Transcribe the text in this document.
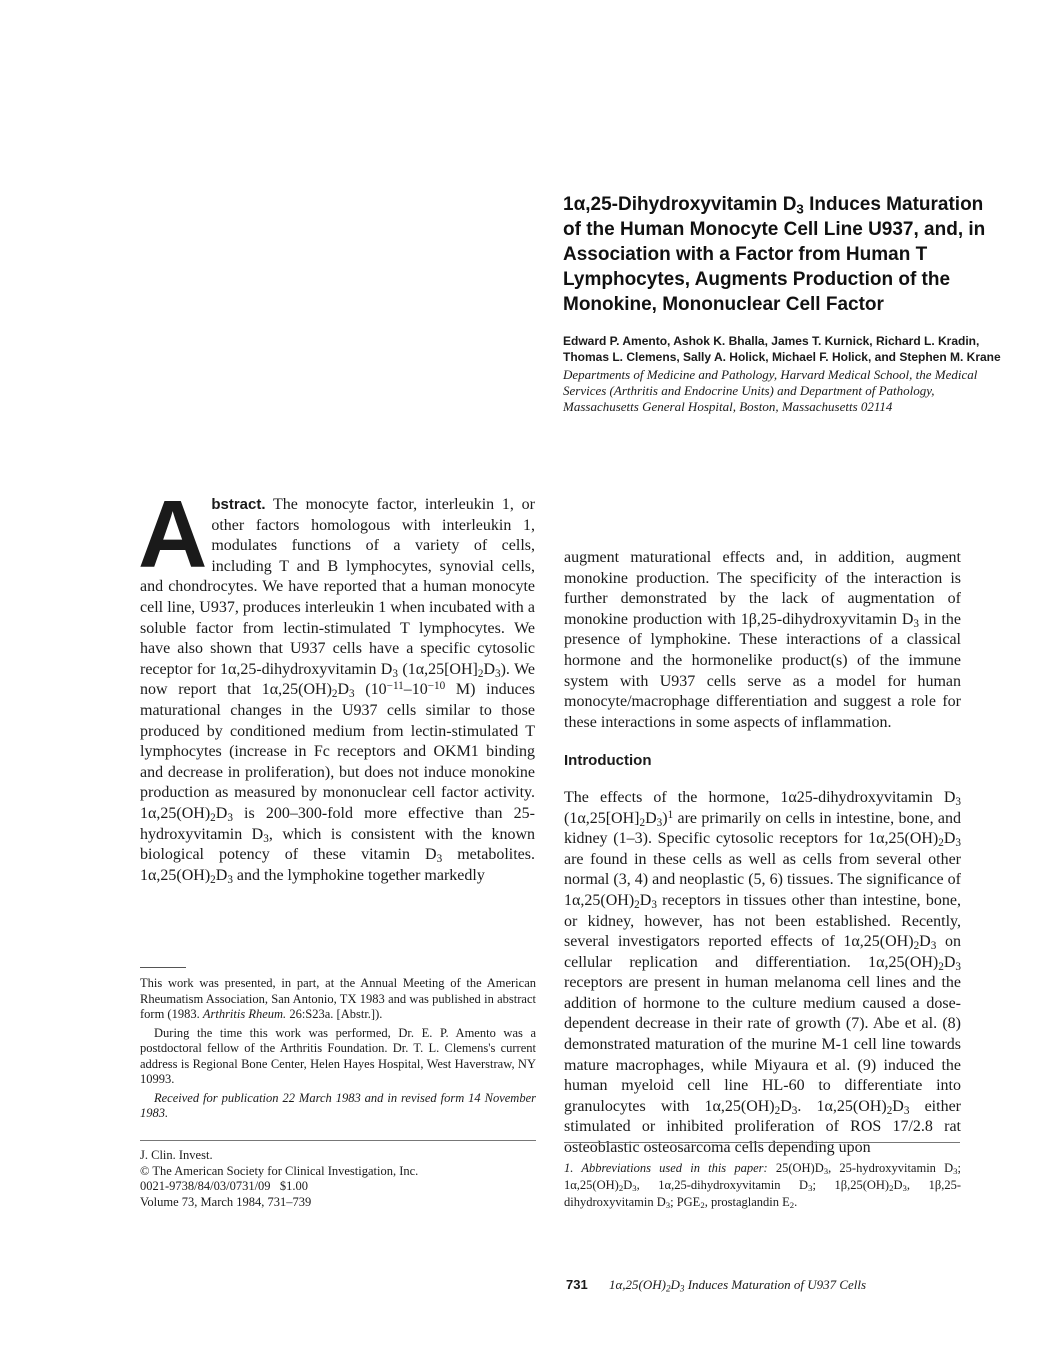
1α,25-Dihydroxyvitamin $D_3$ Induces Maturation of the Human Monocyte Cell Line U937, and, in Association with a Factor from Human T Lymphocytes, Augments Production of the Monokine, Mononuclear Cell Factor
Edward P. Amento, Ashok K. Bhalla, James T. Kurnick, Richard L. Kradin, Thomas L. Clemens, Sally A. Holick, Michael F. Holick, and Stephen M. Krane
Departments of Medicine and Pathology, Harvard Medical School, the Medical Services (Arthritis and Endocrine Units) and Department of Pathology, Massachusetts General Hospital, Boston, Massachusetts 02114
A bstract. The monocyte factor, interleukin 1, or other factors homologous with interleukin 1, modulates functions of a variety of cells, including T and B lymphocytes, synovial cells, and chondrocytes. We have reported that a human monocyte cell line, U937, produces interleukin 1 when incubated with a soluble factor from lectin-stimulated T lymphocytes. We have also shown that U937 cells have a specific cytosolic receptor for 1α,25-dihydroxyvitamin $D_3$ $(1\alpha,25[OH]_2D_3)$. We now report that $1\alpha,25(OH)_2D_3$ ($10^{-11}-10^{-10}$ M) induces maturational changes in the U937 cells similar to those produced by conditioned medium from lectin-stimulated T lymphocytes (increase in Fc receptors and OKM1 binding and decrease in proliferation), but does not induce monokine production as measured by mononuclear cell factor activity. $1\alpha,25(OH)_2D_3$ is 200–300-fold more effective than 25-hydroxyvitamin $D_3$, which is consistent with the known biological potency of these vitamin $D_3$ metabolites. $1\alpha,25(OH)_2D_3$ and the lymphokine together markedly

augment maturational effects and, in addition, augment monokine production. The specificity of the interaction is further demonstrated by the lack of augmentation of monokine production with 1β,25-dihydroxyvitamin $D_3$ in the presence of lymphokine. These interactions of a classical hormone and the hormonelike product(s) of the immune system with U937 cells serve as a model for human monocyte/macrophage differentiation and suggest a role for these interactions in some aspects of inflammation.

Introduction

The effects of the hormone, 1α25-dihydroxyvitamin $D_3$ $(1\alpha,25[OH]_2D_3)^1$ are primarily on cells in intestine, bone, and kidney (1–3). Specific cytosolic receptors for $1\alpha,25(OH)_2D_3$ are found in these cells as well as cells from several other normal (3, 4) and neoplastic (5, 6) tissues. The significance of $1\alpha,25(OH)_2D_3$ receptors in tissues other than intestine, bone, or kidney, however, has not been established. Recently, several investigators reported effects of $1\alpha,25(OH)_2D_3$ on cellular replication and differentiation. $1\alpha,25(OH)_2D_3$ receptors are present in human melanoma cell lines and the addition of hormone to the culture medium caused a dose-dependent decrease in their rate of growth (7). Abe et al. (8) demonstrated maturation of the murine M-1 cell line towards mature macrophages, while Miyaura et al. (9) induced the human myeloid cell line HL-60 to differentiate into granulocytes with $1\alpha,25(OH)_2D_3$. $1\alpha,25(OH)_2D_3$ either stimulated or inhibited proliferation of ROS 17/2.8 rat osteoblastic osteosarcoma cells depending upon

This work was presented, in part, at the Annual Meeting of the American Rheumatism Association, San Antonio, TX 1983 and was published in abstract form (1983. Arthritis Rheum. 26:S23a. [Abstr.]).

During the time this work was performed, Dr. E. P. Amento was a postdoctoral fellow of the Arthritis Foundation. Dr. T. L. Clemens's current address is Regional Bone Center, Helen Hayes Hospital, West Haverstraw, NY 10993.

Received for publication 22 March 1983 and in revised form 14 November 1983.

J. Clin. Invest.
© The American Society for Clinical Investigation, Inc.
0021-9738/84/03/0731/09   $1.00
Volume 73, March 1984, 731–739
1. Abbreviations used in this paper: $25(OH)D_3$, 25-hydroxyvitamin $D_3$; $1\alpha,25(OH)_2D_3$, 1α,25-dihydroxyvitamin $D_3$; $1\beta,25(OH)_2D_3$, 1β,25-dihydroxyvitamin $D_3$; $PGE_2$, prostaglandin $E_2$.
731 $1\alpha,25(OH)_2D_3$ Induces Maturation of U937 Cells
